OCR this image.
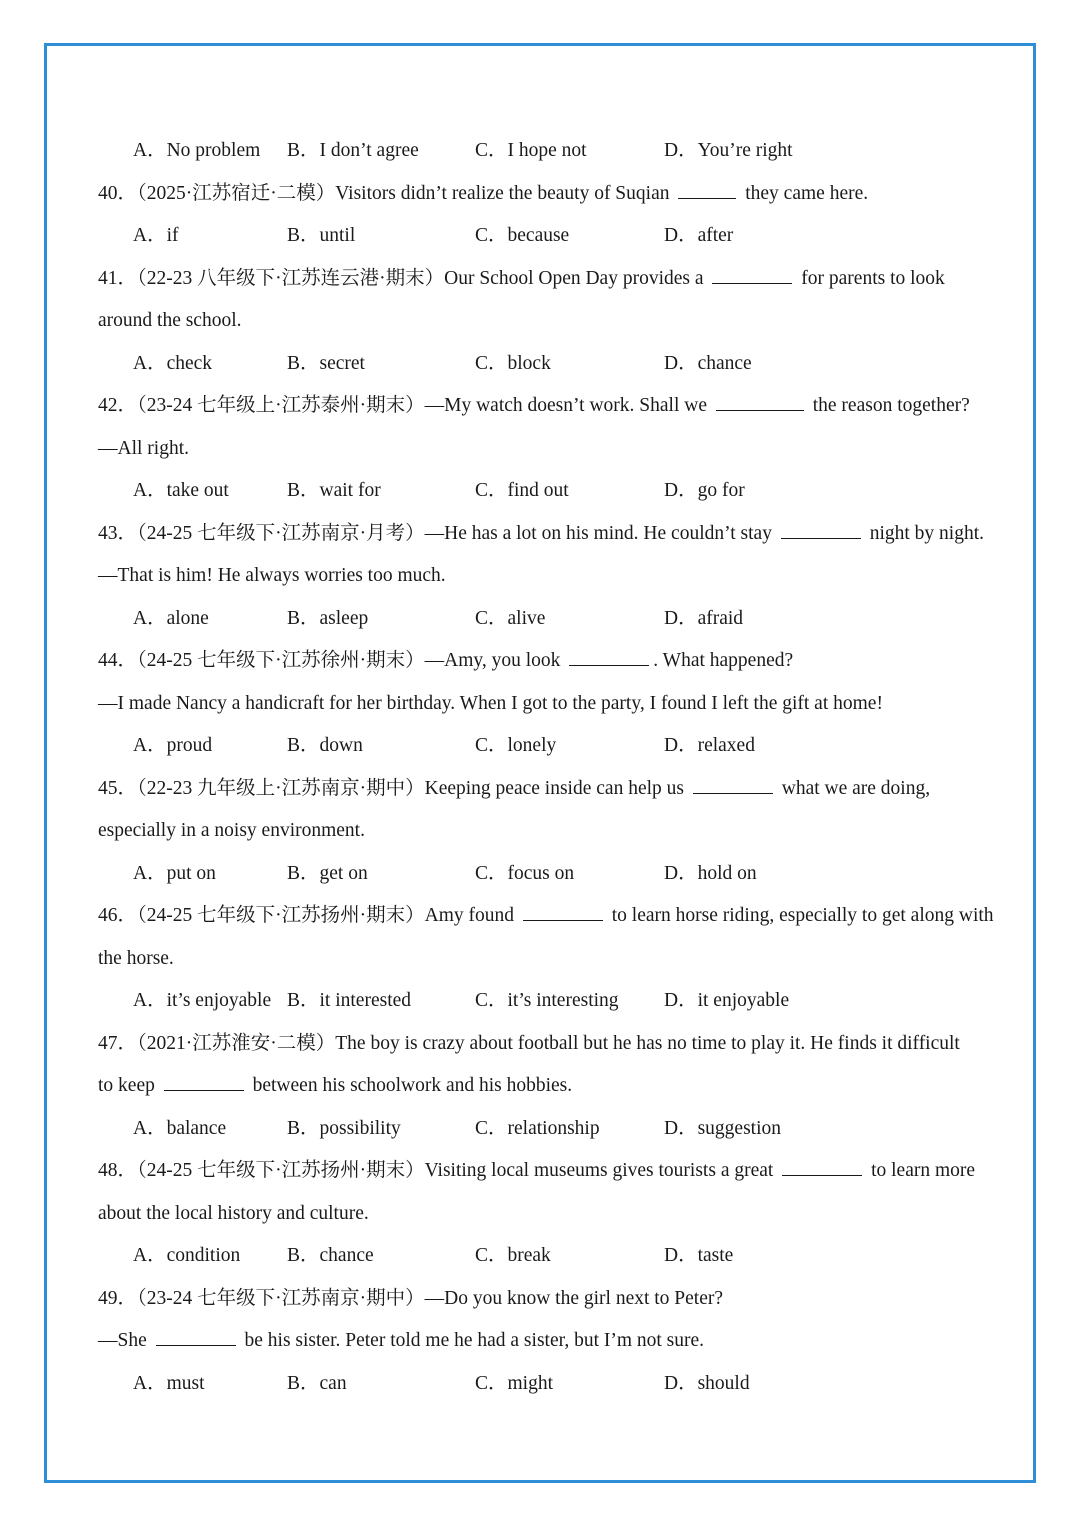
A．No problem B．I don’t agree	C．I hope not	D．You’re right
40．（2025·江苏宿迁·二模）Visitors didn’t realize the beauty of Suqian	they came here.
A．if	B．until	C．because	D．after
41．（22-23 八年级下·江苏连云港·期末）Our School Open Day provides a	for parents to look
around the school.
A．check	B．secret	C．block	D．chance
42．（23-24 七年级上·江苏泰州·期末）—My watch doesn’t work. Shall we	the reason together?
—All right.
A．take out	B．wait for	C．find out	D．go for
43．（24-25 七年级下·江苏南京·月考）—He has a lot on his mind. He couldn’t stay	night by night.
—That is him! He always worries too much.
A．alone	B．asleep	C．alive	D．afraid
44．（24-25 七年级下·江苏徐州·期末）—Amy, you look	. What happened?
—I made Nancy a handicraft for her birthday. When I got to the party, I found I left the gift at home!
A．proud	B．down	C．lonely	D．relaxed
45．（22-23 九年级上·江苏南京·期中）Keeping peace inside can help us	what we are doing,
especially in a noisy environment.
A．put on	B．get on	C．focus on	D．hold on
46．（24-25 七年级下·江苏扬州·期末）Amy found	to learn horse riding, especially to get along with
the horse.
A．it’s enjoyable B．it interested	C．it’s interesting D．it enjoyable
47．（2021·江苏淮安·二模）The boy is crazy about football but he has no time to play it. He finds it difficult
to keep	between his schoolwork and his hobbies.
A．balance	B．possibility	C．relationship	D．suggestion
48．（24-25 七年级下·江苏扬州·期末）Visiting local museums gives tourists a great	to learn more
about the local history and culture.
A．condition B．chance	C．break	D．taste
49．（23-24 七年级下·江苏南京·期中）—Do you know the girl next to Peter?
—She	be his sister. Peter told me he had a sister, but I’m not sure.
A．must	B．can	C．might	D．should
